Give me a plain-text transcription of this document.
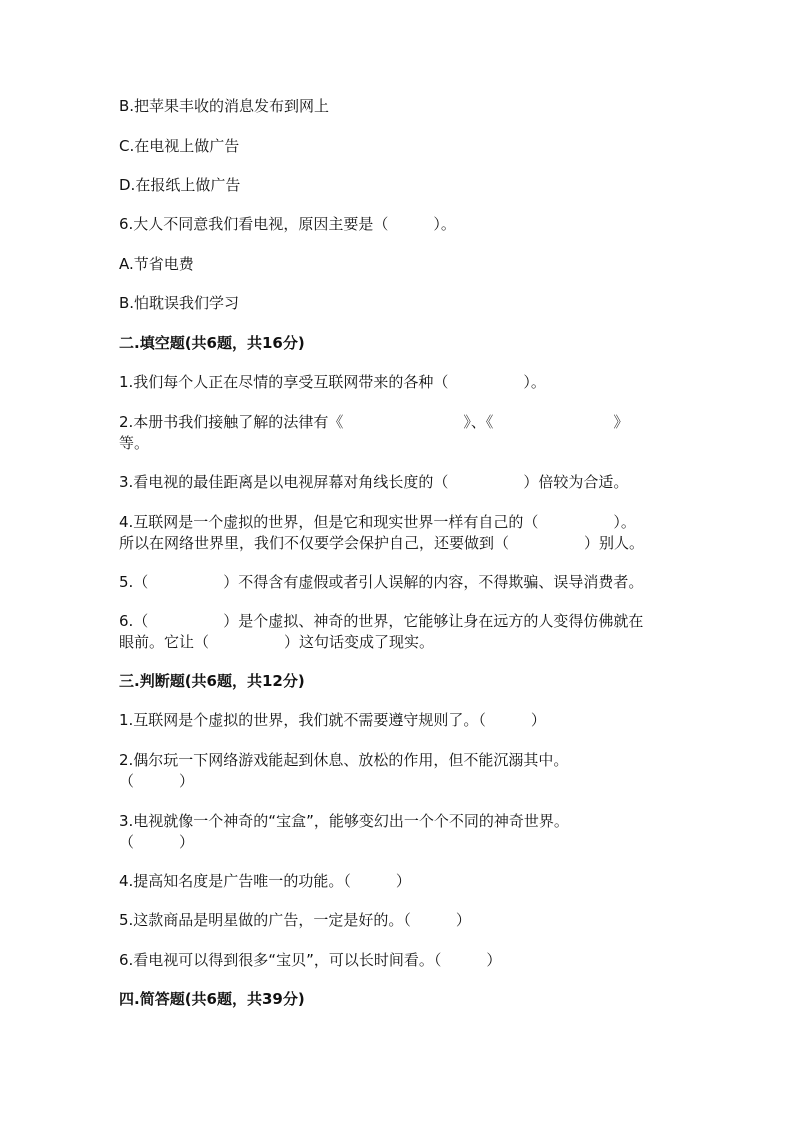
B.把苹果丰收的消息发布到网上

C.在电视上做广告

D.在报纸上做广告

6.大人不同意我们看电视，原因主要是（　　　）。

A.节省电费

B.怕耽误我们学习

二.填空题(共6题，共16分)

1.我们每个人正在尽情的享受互联网带来的各种（　　　　　）。

2.本册书我们接触了解的法律有《　　　　　　　　》、《　　　　　　　　》

等。

3.看电视的最佳距离是以电视屏幕对角线长度的（　　　　　）倍较为合适。

4.互联网是一个虚拟的世界，但是它和现实世界一样有自己的（　　　　　）。

所以在网络世界里，我们不仅要学会保护自己，还要做到（　　　　　）别人。

5.（　　　　　）不得含有虚假或者引人误解的内容，不得欺骗、误导消费者。

6.（　　　　　）是个虚拟、神奇的世界，它能够让身在远方的人变得仿佛就在

眼前。它让（　　　　　）这句话变成了现实。

三.判断题(共6题，共12分)

1.互联网是个虚拟的世界，我们就不需要遵守规则了。（　　　）

2.偶尔玩一下网络游戏能起到休息、放松的作用，但不能沉溺其中。

（　　　）

3.电视就像一个神奇的“宝盒”，能够变幻出一个个不同的神奇世界。

（　　　）

4.提高知名度是广告唯一的功能。（　　　）

5.这款商品是明星做的广告，一定是好的。（　　　）

6.看电视可以得到很多“宝贝”，可以长时间看。（　　　）

四.简答题(共6题，共39分)
